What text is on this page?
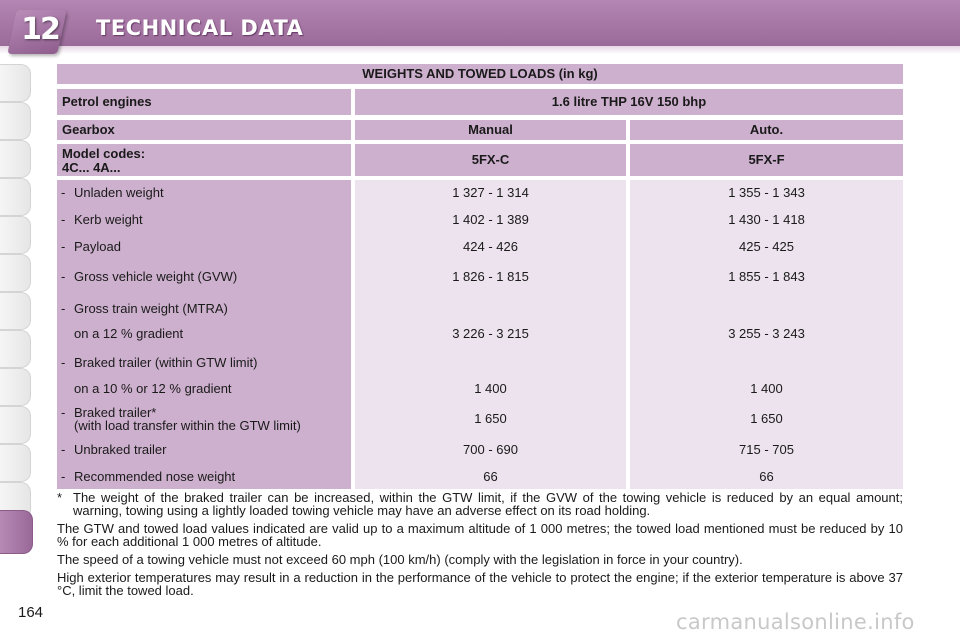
12 TECHNICAL DATA
WEIGHTS AND TOWED LOADS (in kg)
Petrol engines	1.6 litre THP 16V 150 bhp
Gearbox	Manual	Auto.
Model codes:
4C... 4A...
5FX-C	5FX-F
- Unladen weight	1 327 - 1 314	1 355 - 1 343
- Kerb weight	1 402 - 1 389	1 430 - 1 418
- Payload	424 - 426	425 - 425
- Gross vehicle weight (GVW)	1 826 - 1 815	1 855 - 1 843
- Gross train weight (MTRA)
on a 12 % gradient	3 226 - 3 215	3 255 - 3 243
- Braked trailer (within GTW limit)
on a 10 % or 12 % gradient	1 400	1 400
- Braked trailer*
(with load transfer within the GTW limit)	1 650	1 650
- Unbraked trailer	700 - 690	715 - 705
- Recommended nose weight	66	66

* The weight of the braked trailer can be increased, within the GTW limit, if the GVW of the towing vehicle is reduced by an equal amount; warning, towing using a lightly loaded towing vehicle may have an adverse effect on its road holding.

The GTW and towed load values indicated are valid up to a maximum altitude of 1 000 metres; the towed load mentioned must be reduced by 10 % for each additional 1 000 metres of altitude.

The speed of a towing vehicle must not exceed 60 mph (100 km/h) (comply with the legislation in force in your country).

High exterior temperatures may result in a reduction in the performance of the vehicle to protect the engine; if the exterior temperature is above 37 °C, limit the towed load.

164	carmanualsonline.info
